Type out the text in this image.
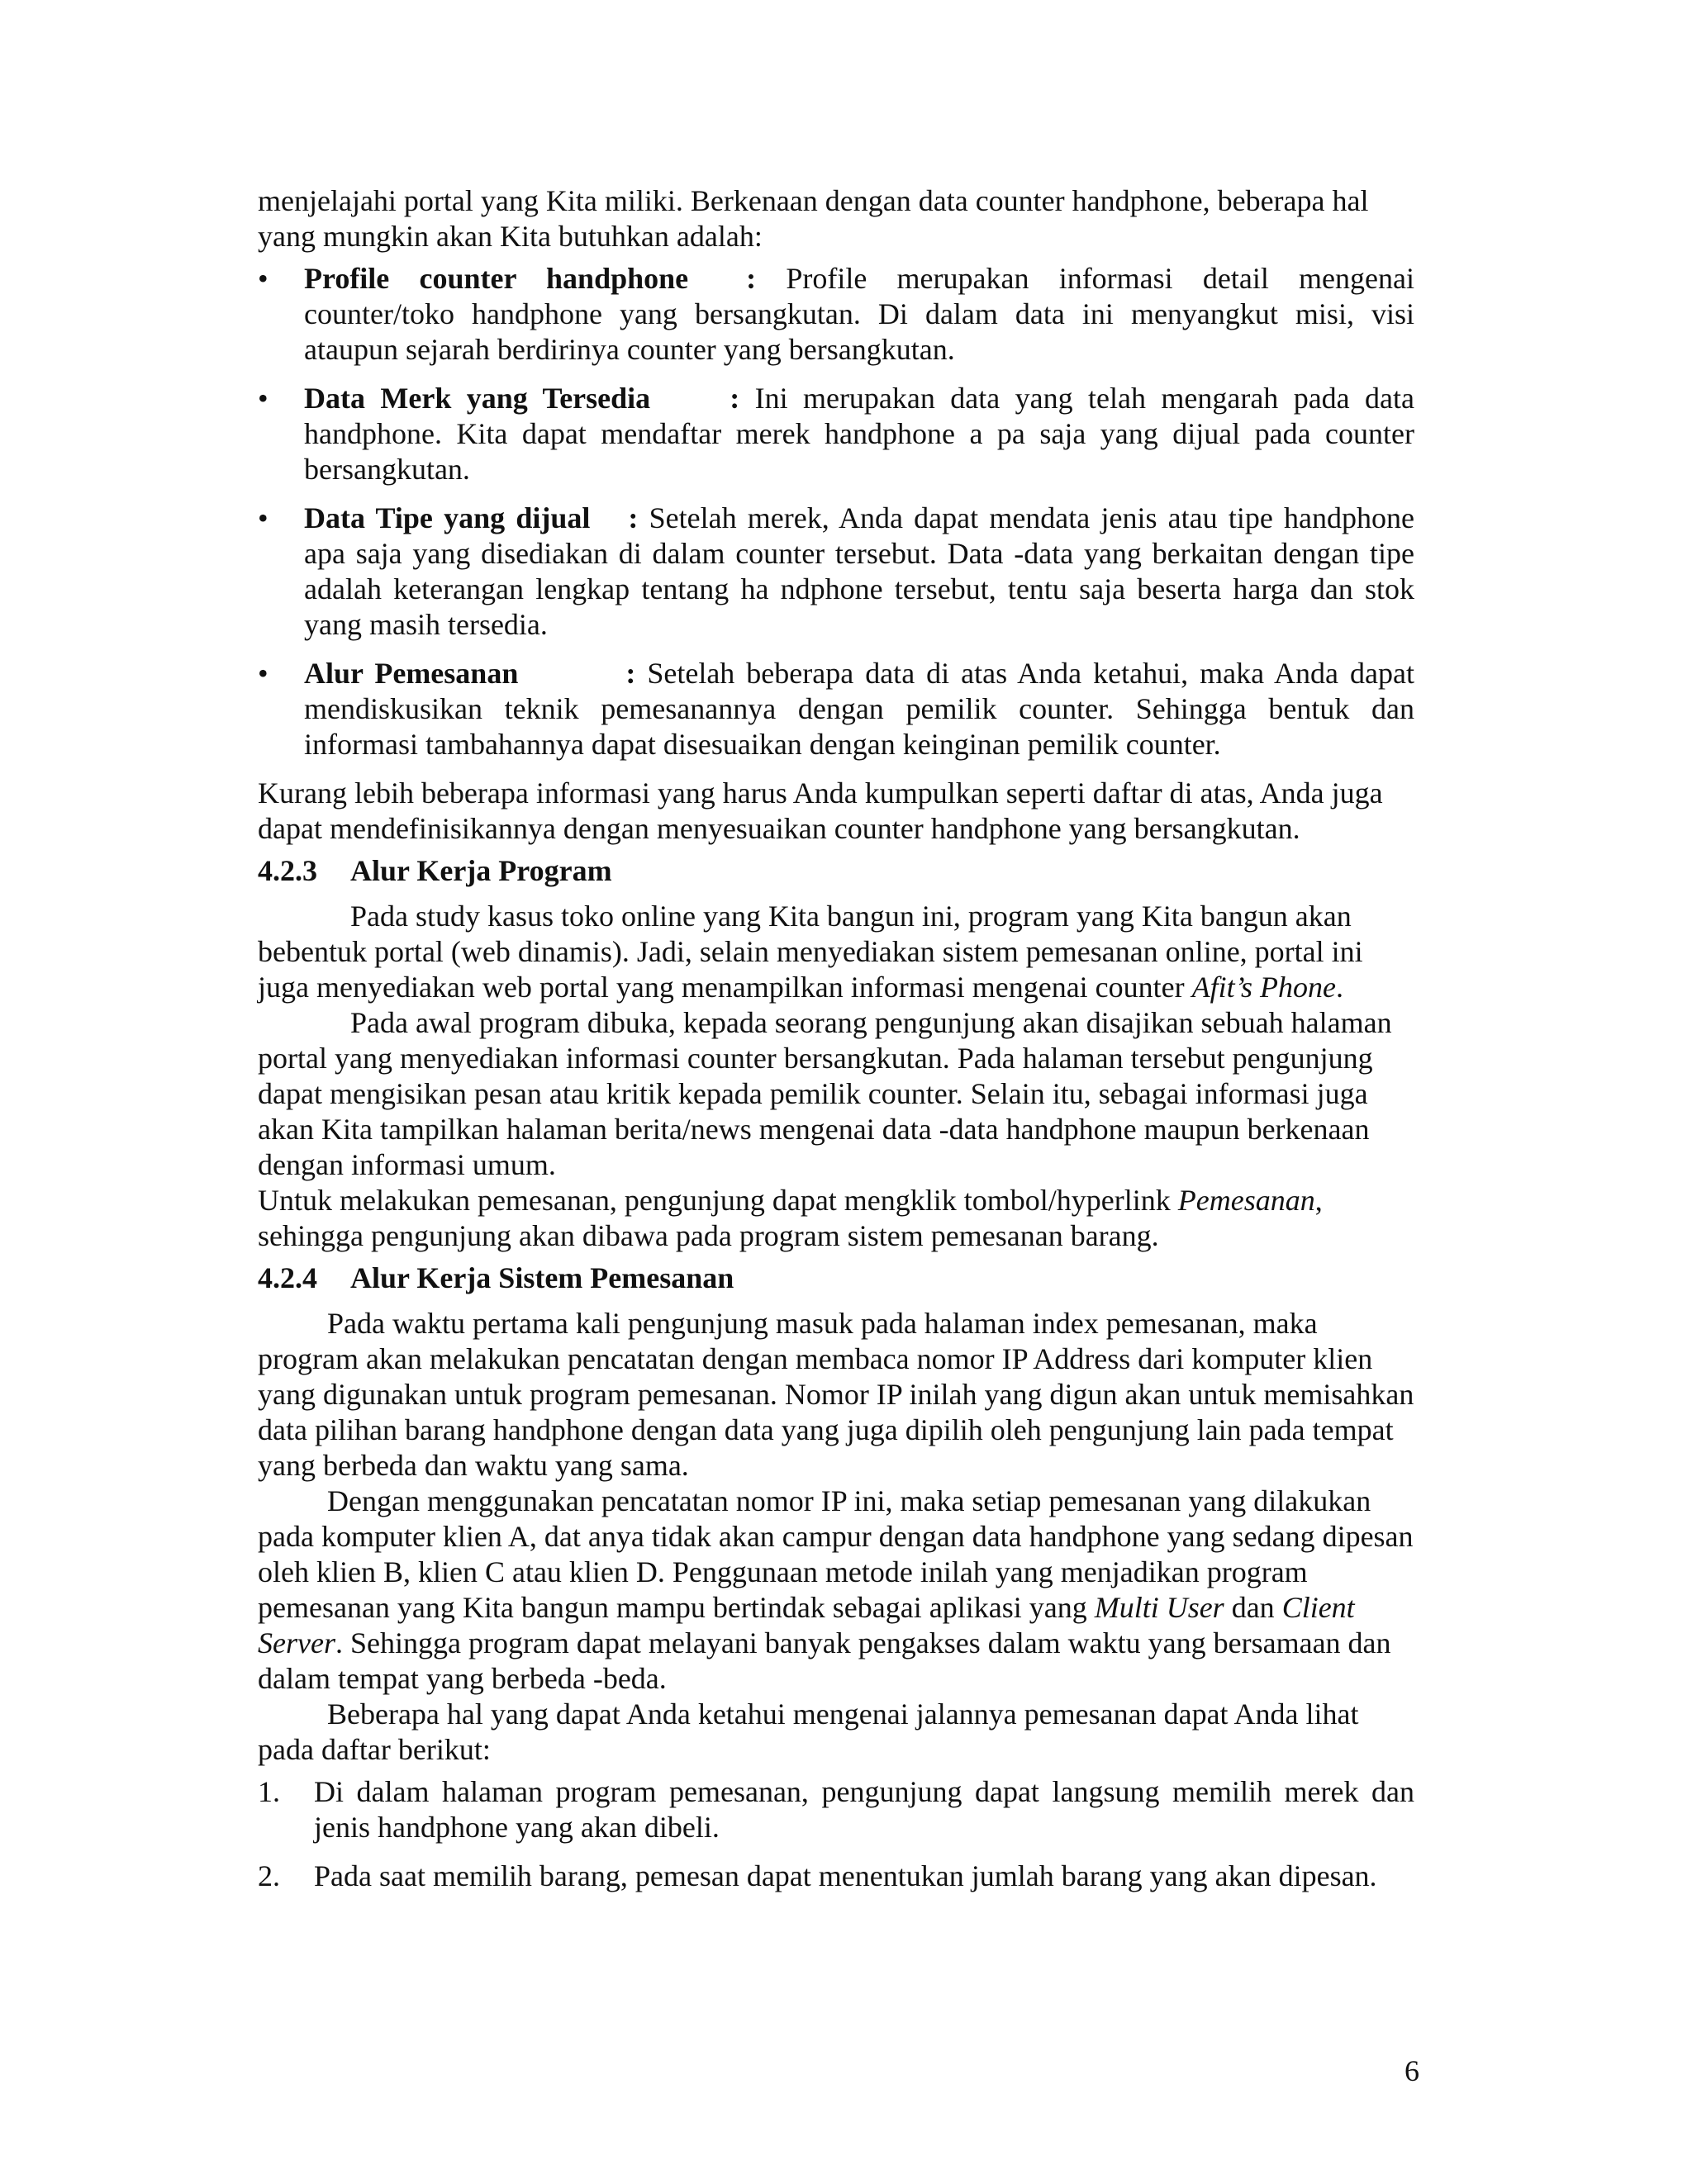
menjelajahi portal yang Kita miliki. Berkenaan dengan data counter handphone, beberapa hal yang mungkin akan Kita butuhkan adalah:

•	Profile counter handphone : Profile merupakan informasi detail mengenai counter/toko handphone yang bersangkutan. Di dalam data ini menyangkut misi, visi ataupun sejarah berdirinya counter yang bersangkutan.
•	Data Merk yang Tersedia	: Ini merupakan data yang telah mengarah pada data handphone. Kita dapat mendaftar merek handphone a pa saja yang dijual pada counter bersangkutan.
•	Data Tipe yang dijual : Setelah merek, Anda dapat mendata jenis atau tipe handphone apa saja yang disediakan di dalam counter tersebut. Data -data yang berkaitan dengan tipe adalah keterangan lengkap tentang ha ndphone tersebut, tentu saja beserta harga dan stok yang masih tersedia.
•	Alur Pemesanan	: Setelah beberapa data di atas Anda ketahui, maka Anda dapat mendiskusikan teknik pemesanannya dengan pemilik counter. Sehingga bentuk dan informasi tambahannya dapat disesuaikan dengan keinginan pemilik counter.

Kurang lebih beberapa informasi yang harus Anda kumpulkan seperti daftar di atas, Anda juga dapat mendefinisikannya dengan menyesuaikan counter handphone yang bersangkutan.

4.2.3 Alur Kerja Program

Pada study kasus toko online yang Kita bangun ini, program yang Kita bangun akan bebentuk portal (web dinamis). Jadi, selain menyediakan sistem pemesanan online, portal ini juga menyediakan web portal yang menampilkan informasi mengenai counter Afit’s Phone.

Pada awal program dibuka, kepada seorang pengunjung akan disajikan sebuah halaman portal yang menyediakan informasi counter bersangkutan. Pada halaman tersebut pengunjung dapat mengisikan pesan atau kritik kepada pemilik counter. Selain itu, sebagai informasi juga akan Kita tampilkan halaman berita/news mengenai data -data handphone maupun berkenaan dengan informasi umum.

Untuk melakukan pemesanan, pengunjung dapat mengklik tombol/hyperlink Pemesanan, sehingga pengunjung akan dibawa pada program sistem pemesanan barang.

4.2.4 Alur Kerja Sistem Pemesanan

Pada waktu pertama kali pengunjung masuk pada halaman index pemesanan, maka program akan melakukan pencatatan dengan membaca nomor IP Address dari komputer klien yang digunakan untuk program pemesanan. Nomor IP inilah yang digun akan untuk memisahkan data pilihan barang handphone dengan data yang juga dipilih oleh pengunjung lain pada tempat yang berbeda dan waktu yang sama.

Dengan menggunakan pencatatan nomor IP ini, maka setiap pemesanan yang dilakukan pada komputer klien A, dat anya tidak akan campur dengan data handphone yang sedang dipesan oleh klien B, klien C atau klien D. Penggunaan metode inilah yang menjadikan program pemesanan yang Kita bangun mampu bertindak sebagai aplikasi yang Multi User dan Client Server. Sehingga program dapat melayani banyak pengakses dalam waktu yang bersamaan dan dalam tempat yang berbeda -beda.

Beberapa hal yang dapat Anda ketahui mengenai jalannya pemesanan dapat Anda lihat pada daftar berikut:

1. Di dalam halaman program pemesanan, pengunjung dapat langsung memilih merek dan jenis handphone yang akan dibeli.
2. Pada saat memilih barang, pemesan dapat menentukan jumlah barang yang akan dipesan.
6
